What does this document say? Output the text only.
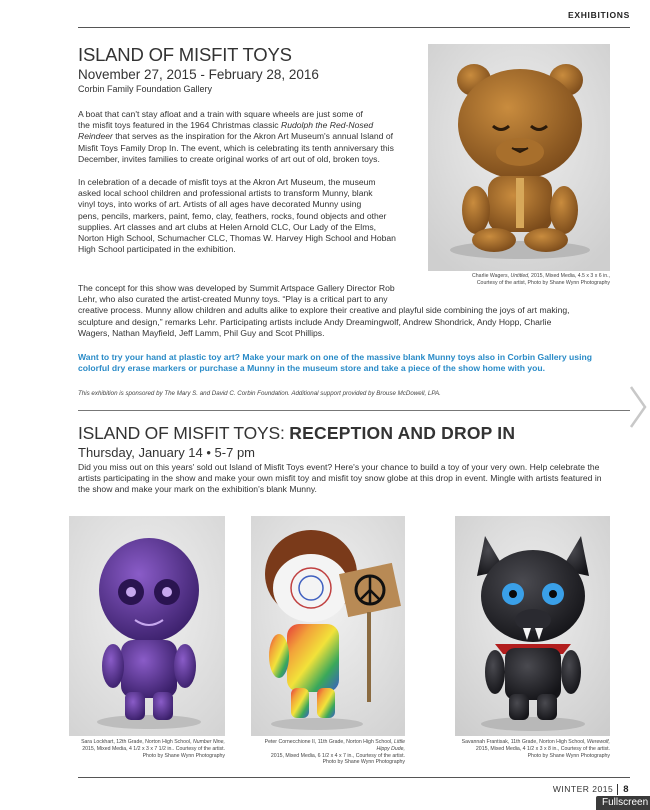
EXHIBITIONS
ISLAND OF MISFIT TOYS
November 27, 2015 - February 28, 2016
Corbin Family Foundation Gallery
A boat that can't stay afloat and a train with square wheels are just some of
the misfit toys featured in the 1964 Christmas classic Rudolph the Red-Nosed
Reindeer that serves as the inspiration for the Akron Art Museum's annual Island of
Misfit Toys Family Drop In. The event, which is celebrating its tenth anniversary this
December, invites families to create original works of art out of old, broken toys.
In celebration of a decade of misfit toys at the Akron Art Museum, the museum
asked local school children and professional artists to transform Munny, blank
vinyl toys, into works of art. Artists of all ages have decorated Munny using
pens, pencils, markers, paint, femo, clay, feathers, rocks, found objects and other
supplies. Art classes and art clubs at Helen Arnold CLC, Our Lady of the Elms,
Norton High School, Schumacher CLC, Thomas W. Harvey High School and Hoban
High School participated in the exhibition.
The concept for this show was developed by Summit Artspace Gallery Director Rob
Lehr, who also curated the artist-created Munny toys. “Play is a critical part to any
creative process. Munny allow children and adults alike to explore their creative and playful side combining the joys of art making,
sculpture and design,” remarks Lehr. Participating artists include Andy Dreamingwolf, Andrew Shondrick, Andy Hopp, Charlie
Wagers, Nathan Mayfield, Jeff Lamm, Phil Guy and Scot Phillips.
Want to try your hand at plastic toy art? Make your mark on one of the massive blank Munny toys also in Corbin Gallery using colorful dry erase markers or purchase a Munny in the museum store and take a piece of the show home with you.
This exhibition is sponsored by The Mary S. and David C. Corbin Foundation. Additional support provided by Brouse McDowell, LPA.
Charlie Wagers, Untitled, 2015, Mixed Media, 4.5 x 3 x 6 in.,
Courtesy of the artist, Photo by Shane Wynn Photography
ISLAND OF MISFIT TOYS: RECEPTION AND DROP IN
Thursday, January 14 • 5-7 pm
Did you miss out on this years' sold out Island of Misfit Toys event? Here's your chance to build a toy of your very own. Help celebrate the artists participating in the show and make your own misfit toy and misfit toy snow globe at this drop in event. Mingle with artists featured in the show and make your mark on the exhibition's blank Munny.
Sara Lockhart, 12th Grade, Norton High School, Number Nine,
2015, Mixed Media, 4 1/2 x 3 x 7 1/2 in.. Courtesy of the artist.
Photo by Shane Wynn Photography
Peter Cornecchione II, 11th Grade, Norton High School, Little Hippy Dude,
2015, Mixed Media, 6 1/2 x 4 x 7 in., Courtesy of the artist.
Photo by Shane Wynn Photography
Savannah Frantisak, 11th Grade, Norton High School, Werewolf,
2015, Mixed Media, 4 1/2 x 3 x 8 in., Courtesy of the artist.
Photo by Shane Wynn Photography
WINTER 2015 8
Fullscreen
